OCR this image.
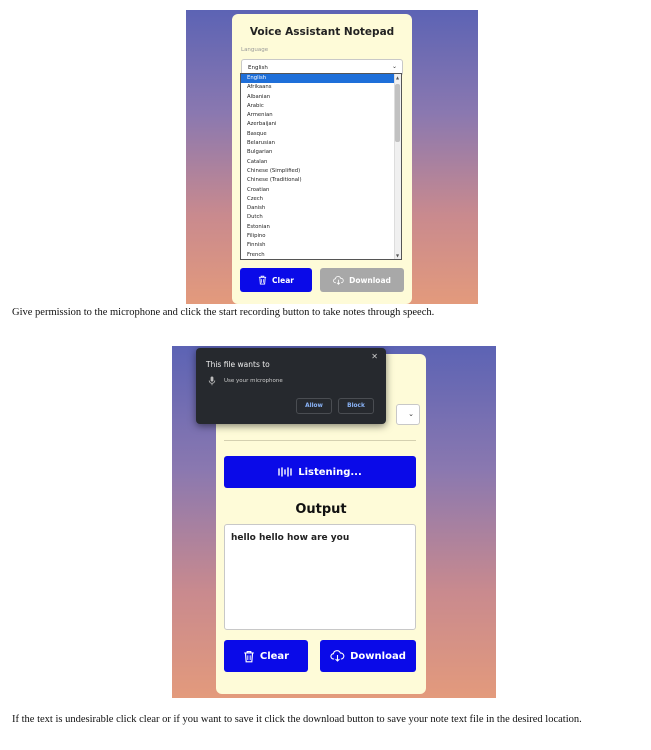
Voice Assistant Notepad
Language
English	⌄
Clear	Download
English
Afrikaans
Albanian
Arabic
Armenian
Azerbaijani
Basque
Belarusian
Bulgarian
Catalan
Chinese (Simplified)
Chinese (Traditional)
Croatian
Czech
Danish
Dutch
Estonian
Filipino
Finnish
French
▲
▼

Give permission to the microphone and click the start recording button to take notes through speech.

⌄
Listening...
Output
hello hello how are you
Clear	Download
This file wants to
✕
Use your microphone
Allow	Block

If the text is undesirable click clear or if you want to save it click the download button to save your note text file in the desired location.
